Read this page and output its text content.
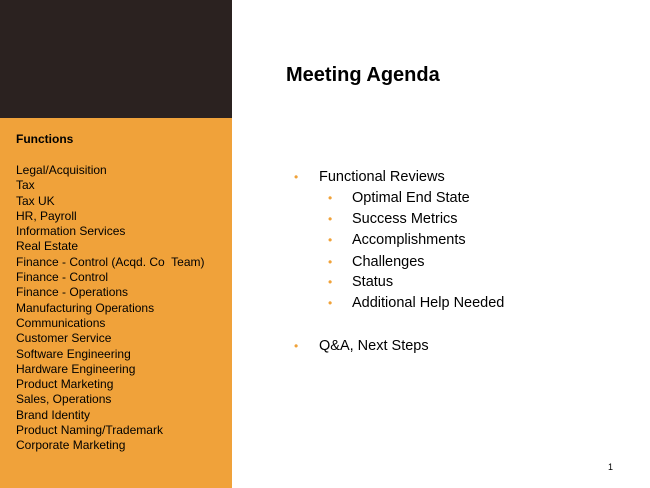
Functions
Legal/Acquisition
Tax
Tax UK
HR, Payroll
Information Services
Real Estate
Finance - Control (Acqd. Co  Team)
Finance - Control
Finance - Operations
Manufacturing Operations
Communications
Customer Service
Software Engineering
Hardware Engineering
Product Marketing
Sales, Operations
Brand Identity
Product Naming/Trademark
Corporate Marketing
Meeting Agenda
• Functional Reviews
• Optimal End State
• Success Metrics
• Accomplishments
• Challenges
• Status
• Additional Help Needed
• Q&A, Next Steps
1
